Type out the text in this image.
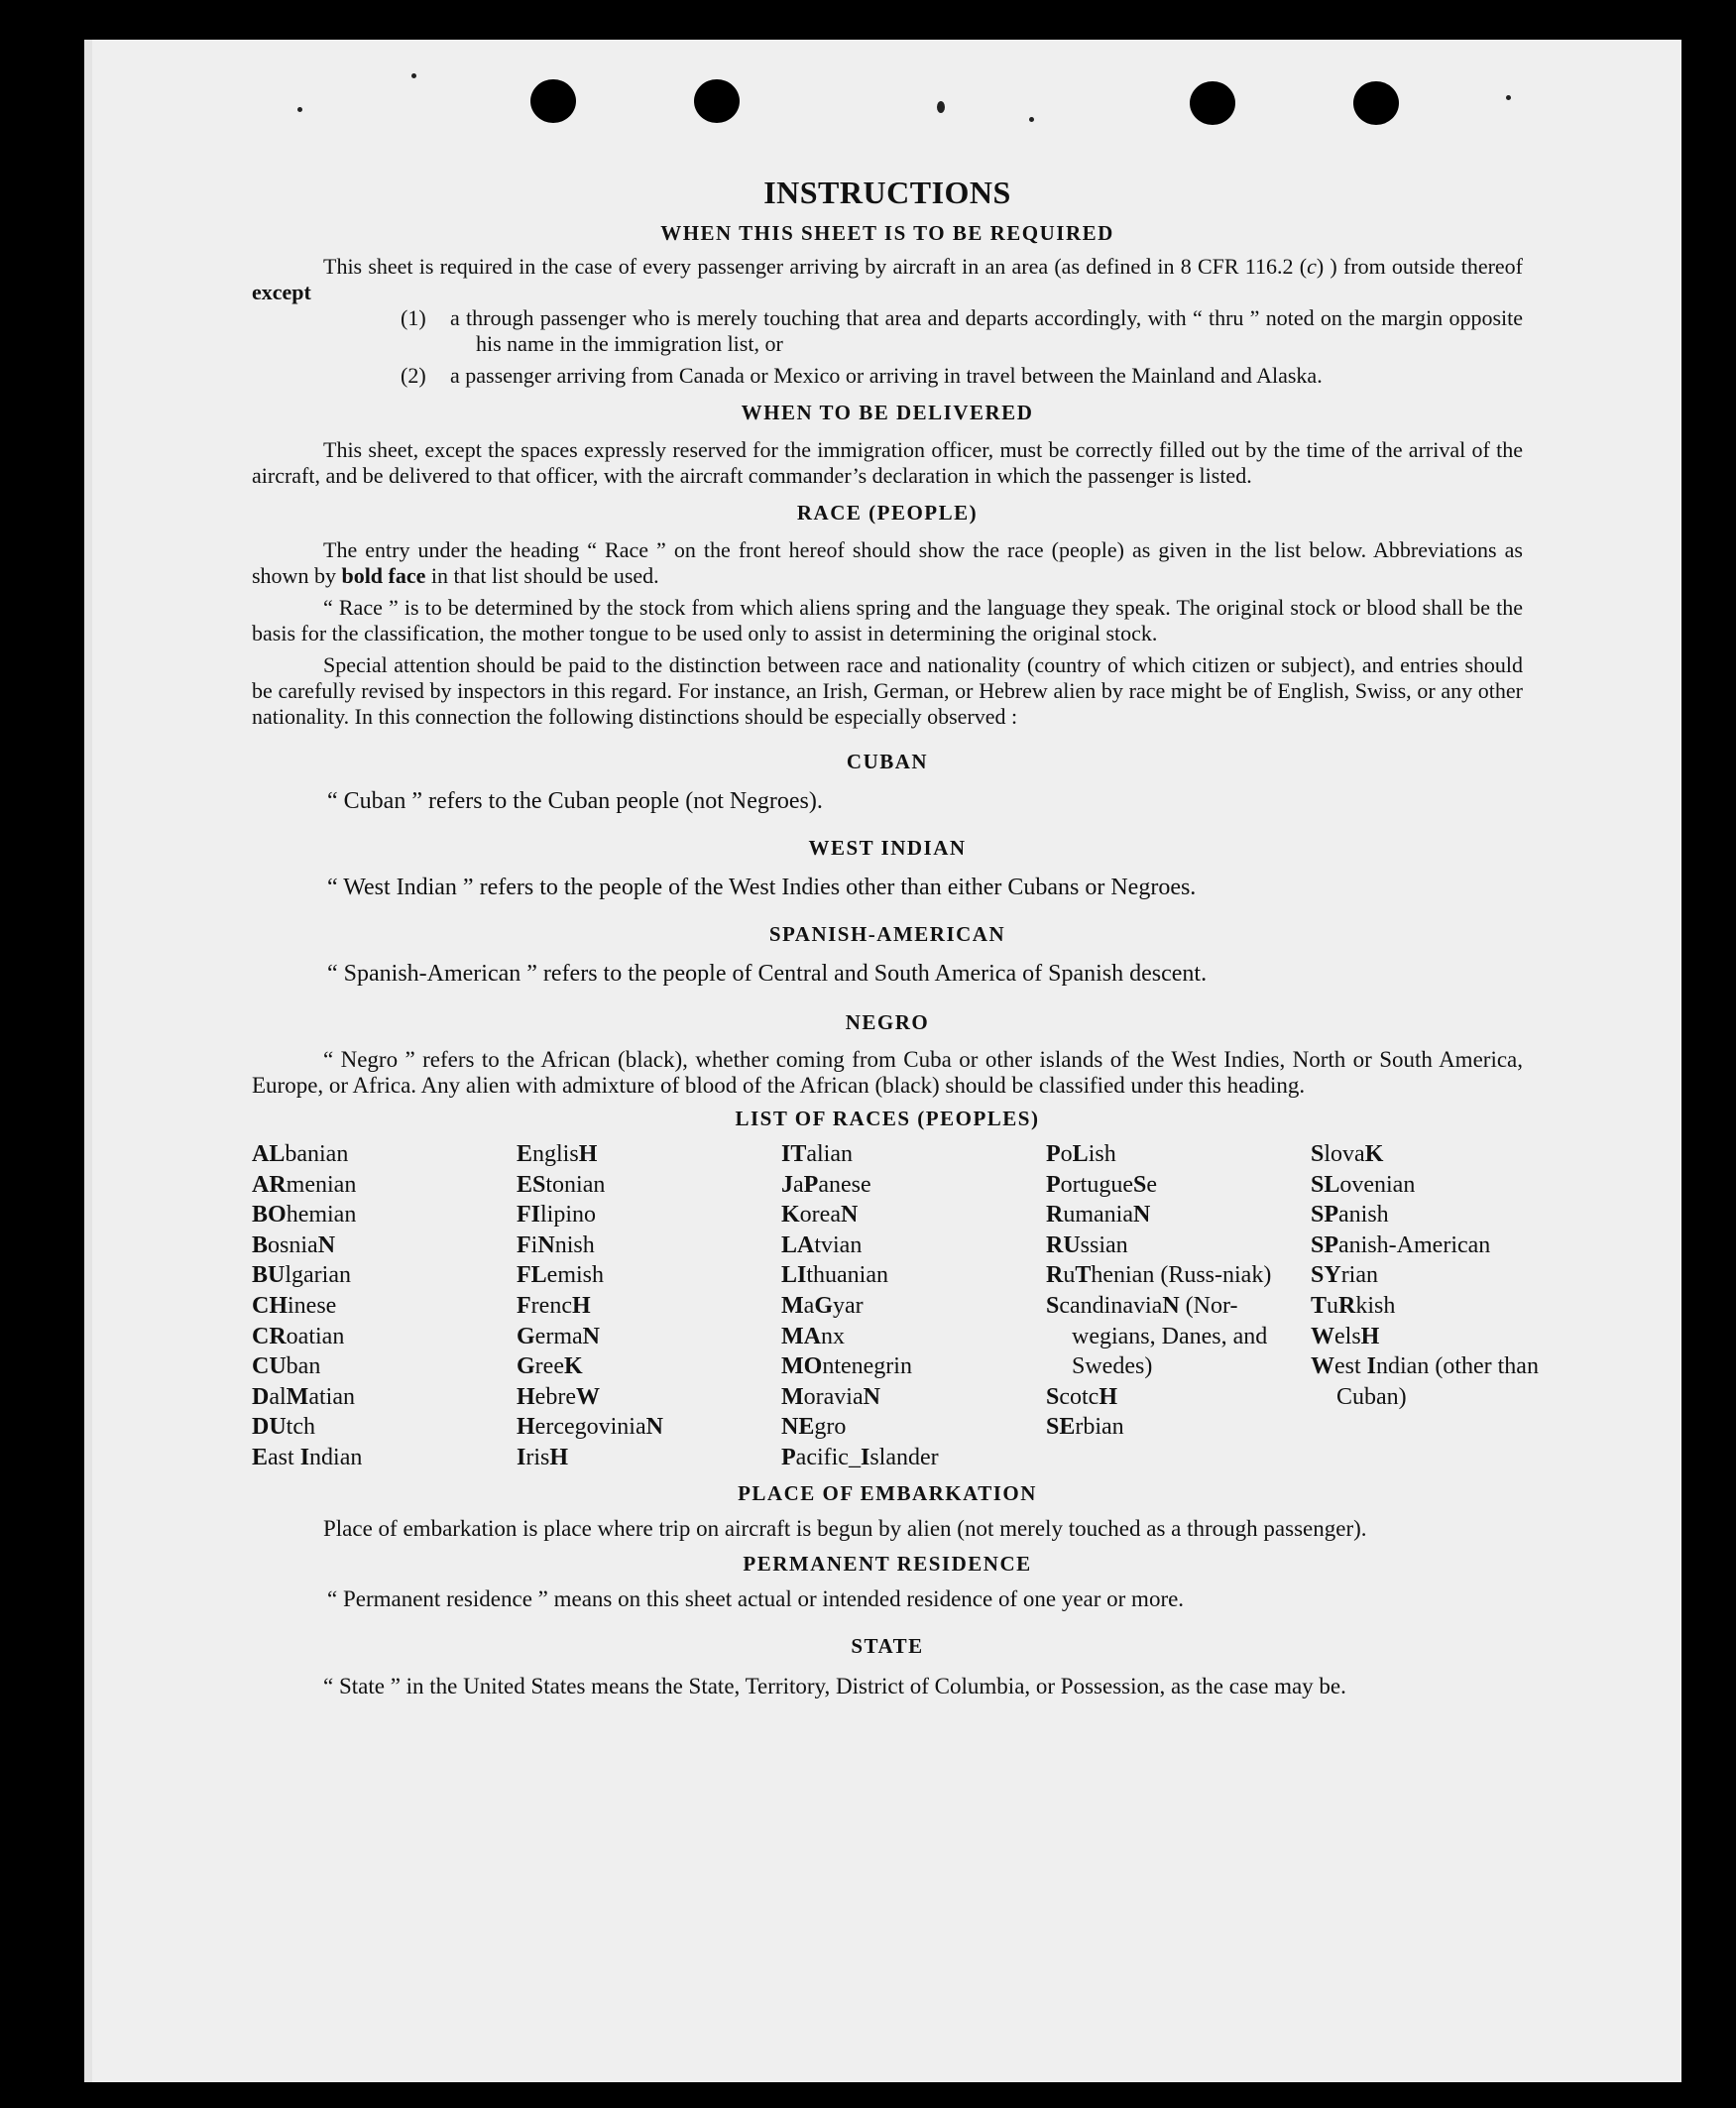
INSTRUCTIONS
WHEN THIS SHEET IS TO BE REQUIRED

This sheet is required in the case of every passenger arriving by aircraft in an area (as defined in 8 CFR 116.2 (c) ) from outside thereof except

(1)	a through passenger who is merely touching that area and departs accordingly, with “ thru ” noted on the margin opposite his name in the immigration list, or
(2)	a passenger arriving from Canada or Mexico or arriving in travel between the Mainland and Alaska.
WHEN TO BE DELIVERED

This sheet, except the spaces expressly reserved for the immigration officer, must be correctly filled out by the time of the arrival of the aircraft, and be delivered to that officer, with the aircraft commander’s declaration in which the passenger is listed.

RACE (PEOPLE)

The entry under the heading “ Race ” on the front hereof should show the race (people) as given in the list below. Abbreviations as shown by bold face in that list should be used.

“ Race ” is to be determined by the stock from which aliens spring and the language they speak. The original stock or blood shall be the basis for the classification, the mother tongue to be used only to assist in determining the original stock.

Special attention should be paid to the distinction between race and nationality (country of which citizen or subject), and entries should be carefully revised by inspectors in this regard. For instance, an Irish, German, or Hebrew alien by race might be of English, Swiss, or any other nationality. In this connection the following distinctions should be especially observed :

CUBAN
“ Cuban ” refers to the Cuban people (not Negroes).
WEST INDIAN
“ West Indian ” refers to the people of the West Indies other than either Cubans or Negroes.
SPANISH-AMERICAN
“ Spanish-American ” refers to the people of Central and South America of Spanish descent.
NEGRO

“ Negro ” refers to the African (black), whether coming from Cuba or other islands of the West Indies, North or South America, Europe, or Africa. Any alien with admixture of blood of the African (black) should be classified under this heading.

LIST OF RACES (PEOPLES)
ALbanian
ARmenian
BOhemian
BosniaN
BUlgarian
CHinese
CRoatian
CUban
DalMatian
DUtch
East Indian
EnglisH
EStonian
FIlipino
FiNnish
FLemish
FrencH
GermaN
GreeK
HebreW
HercegoviniaN
IrisH
ITalian
JaPanese
KoreaN
LAtvian
LIthuanian
MaGyar
MAnx
MOntenegrin
MoraviaN
NEgro
Pacific_Islander
PoLish
PortugueSe
RumaniaN
RUssian
RuThenian (Russ-niak)
ScandinaviaN (Nor-wegians, Danes, and Swedes)
ScotcH
SErbian
SlovaK
SLovenian
SPanish
SPanish-American
SYrian
TuRkish
WelsH
West Indian (other than Cuban)
PLACE OF EMBARKATION

Place of embarkation is place where trip on aircraft is begun by alien (not merely touched as a through passenger).

PERMANENT RESIDENCE
“ Permanent residence ” means on this sheet actual or intended residence of one year or more.
STATE

“ State ” in the United States means the State, Territory, District of Columbia, or Possession, as the case may be.
